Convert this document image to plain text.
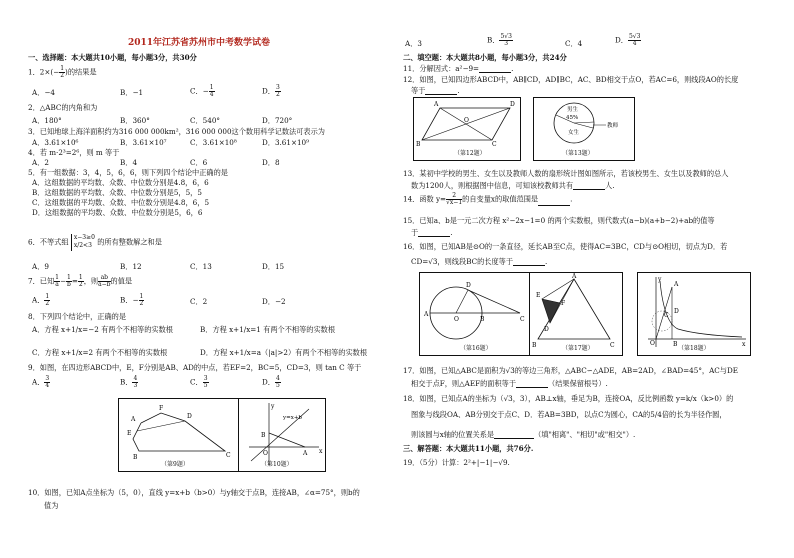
2011年江苏省苏州市中考数学试卷
一、选择题：本大题共10小题，每小题3分，共30分
1．$2\times(- \frac{1}{2}$ )的结果是
A．−4	B．−1	C．− $\frac{1}{4}$	D． $\frac{3}{2}$
2．△ABC的内角和为
A．180°	B．360°	C．540°	D．720°
3．已知地球上海洋面积约为316 000 000km²，316 000 000这个数用科学记数法可表示为
A．3.61×10⁶	B．3.61×10⁷	C．3.61×10⁸	D．3.61×10⁹
4．若 m·2³=2⁶，则 m 等于
A．2	B．4	C．6	D．8
5．有一组数据：3，4，5，6，6，则下列四个结论中正确的是
A．这组数据的平均数、众数、中位数分别是4.8，6，6
B．这组数据的平均数、众数、中位数分别是5，5，5
C．这组数据的平均数、众数、中位数分别是4.8，6，5
D．这组数据的平均数、众数、中位数分别是5，6，6
6．不等式组 x−3≥0
x/2<3 的所有整数解之和是
A．9	B．12	C．13	D．15
7．已知 $\frac{1}{a} - \frac{1}{b} = \frac{1}{2}$ ，则 $\frac{ab}{a-b}$ 的值是
A． $\frac{1}{2}$	B．− $\frac{1}{2}$	C．2	D．−2
8．下列四个结论中，正确的是
A．方程 x+1/x=−2 有两个不相等的实数根	B．方程 x+1/x=1 有两个不相等的实数根
C．方程 x+1/x=2 有两个不相等的实数根	D．方程 x+1/x=a（|a|>2）有两个不相等的实数根
9．如图，在四边形ABCD中，E，F分别是AB、AD的中点，若EF=2，BC=5，CD=3，则 tan C 等于
A． $\frac{3}{4}$	B． $\frac{4}{3}$	C． $\frac{3}{5}$	D． $\frac{4}{5}$
A
F
D
E
B	C
（第9题）
y
y=x+b
A
O
B
x
（第10题）
10．如图，已知A点坐标为（5，0），直线 y=x+b（b>0）与y轴交于点B，连接AB，∠α=75°，则b的
值为
A．3	B． $\frac{5√3}{3}$	C．4	D． $\frac{5√3}{4}$
二、填空题：本大题共8小题，每小题3分，共24分
11．分解因式：a²−9=	.
12．如图，已知四边形ABCD中，AB∥CD，AD∥BC，AC、BD相交于点O，若AC=6，则线段AO的长度
等于	.
A	D
O
B	C
（第12题）
男生
45%
女生
教师
（第13题）
13．某初中学校的男生、女生以及教师人数的扇形统计图如图所示，若该校男生、女生以及教师的总人
数为1200人，则根据图中信息，可知该校教师共有	人.
14．函数 $y= \frac{2}{√x-1}$ 的自变量x的取值范围是	.
15．已知a、b是一元二次方程 x²−2x−1=0 的两个实数根，则代数式(a−b)(a+b−2)+ab的值等
于	.
16．如图，已知AB是⊙O的一条直径，延长AB至C点，使得AC=3BC，CD与⊙O相切，切点为D．若
CD=√3，则线段BC的长度等于	.
D
A
O	B	C
（第16题）
E
A
F
D
B	C
（第17题）
y
D
C
O
A
B	x
（第18题）
17．如图，已知△ABC是面积为√3的等边三角形，△ABC∽△ADE，AB=2AD，∠BAD=45°，AC与DE
相交于点F，则△AEF的面积等于	（结果保留根号）.
18．如图，已知点A的坐标为（√3，3），AB⊥x轴，垂足为B，连接OA，反比例函数 y=k/x（k>0）的
图象与线段OA、AB分别交于点C、D．若AB=3BD，以点C为圆心，CA的5/4倍的长为半径作圆，
则该圆与x轴的位置关系是	（填"相离"、"相切"或"相交"）.
三、解答题：本大题共11小题，共76分.
19．（5分）计算：2²+|−1|−√9.
